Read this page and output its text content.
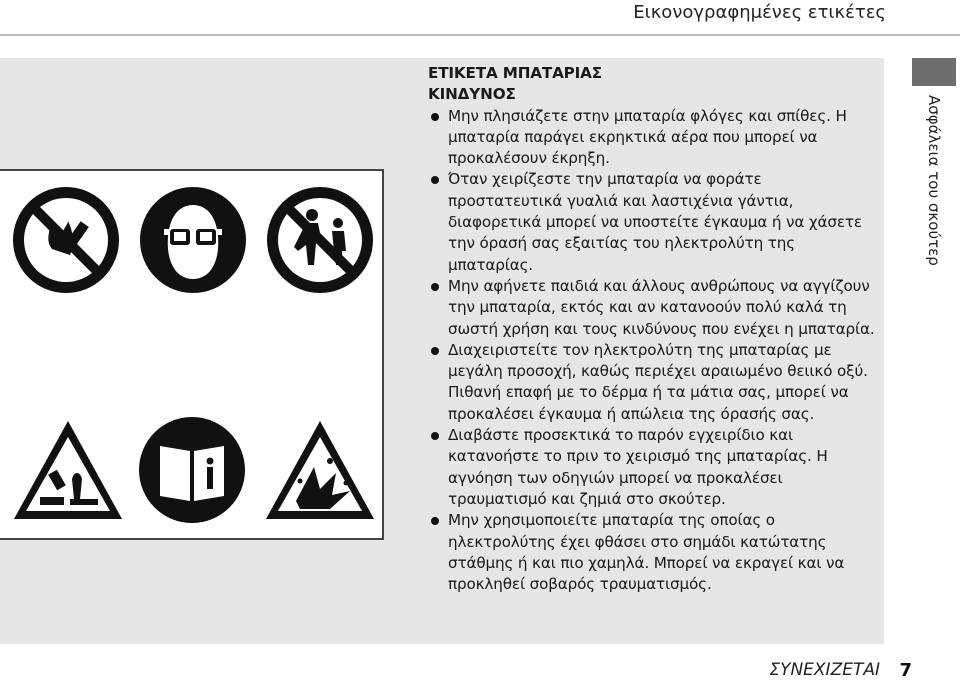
Εικονογραφημένες ετικέτες

ΕΤΙΚΕΤΑ ΜΠΑΤΑΡΙΑΣ

ΚΙΝΔΥΝΟΣ

Μην πλησιάζετε στην μπαταρία φλόγες και σπίθες. Η μπαταρία παράγει εκρηκτικά αέρα που μπορεί να προκαλέσουν έκρηξη.
Όταν χειρίζεστε την μπαταρία να φοράτε προστατευτικά γυαλιά και λαστιχένια γάντια, διαφορετικά μπορεί να υποστείτε έγκαυμα ή να χάσετε την όρασή σας εξαιτίας του ηλεκτρολύτη της μπαταρίας.
Μην αφήνετε παιδιά και άλλους ανθρώπους να αγγίζουν την μπαταρία, εκτός και αν κατανοούν πολύ καλά τη σωστή χρήση και τους κινδύνους που ενέχει η μπαταρία.
Διαχειριστείτε τον ηλεκτρολύτη της μπαταρίας με μεγάλη προσοχή, καθώς περιέχει αραιωμένο θειικό οξύ. Πιθανή επαφή με το δέρμα ή τα μάτια σας, μπορεί να προκαλέσει έγκαυμα ή απώλεια της όρασής σας.
Διαβάστε προσεκτικά το παρόν εγχειρίδιο και κατανοήστε το πριν το χειρισμό της μπαταρίας. Η αγνόηση των οδηγιών μπορεί να προκαλέσει τραυματισμό και ζημιά στο σκούτερ.
Μην χρησιμοποιείτε μπαταρία της οποίας ο ηλεκτρολύτης έχει φθάσει στο σημάδι κατώτατης στάθμης ή και πιο χαμηλά. Μπορεί να εκραγεί και να προκληθεί σοβαρός τραυματισμός.
Ασφάλεια του σκούτερ
ΣΥΝΕΧΙΖΕΤΑΙ 7
